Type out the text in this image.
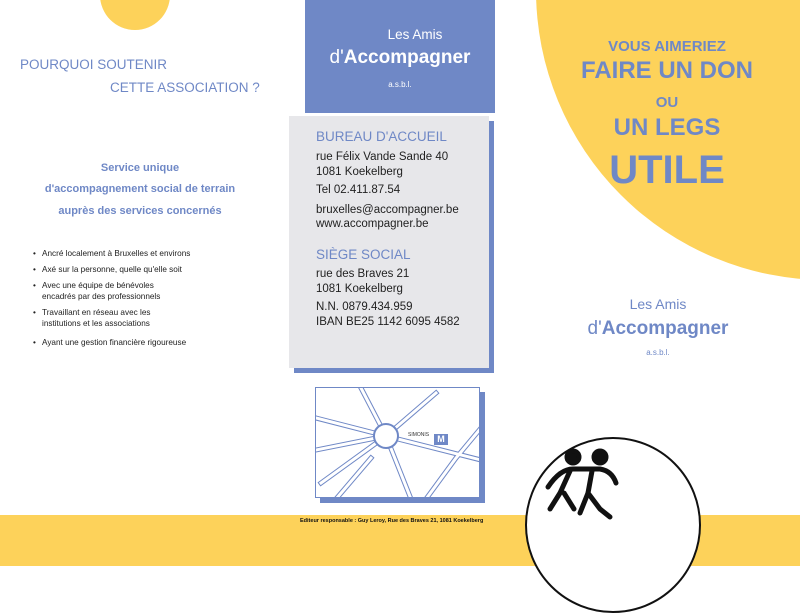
POURQUOI SOUTENIR
CETTE ASSOCIATION ?
Service unique
d'accompagnement social de terrain
auprès des services concernés
• Ancré localement à Bruxelles et environs
• Axé sur la personne, quelle qu'elle soit
• Avec une équipe de bénévoles
encadrés par des professionnels
• Travaillant en réseau avec les
institutions et les associations
• Ayant une gestion financière rigoureuse
Les Amis
d'Accompagner
a.s.b.l.
BUREAU D'ACCUEIL
rue Félix Vande Sande 40
1081 Koekelberg
Tel 02.411.87.54
bruxelles@accompagner.be
www.accompagner.be
SIÈGE SOCIAL
rue des Braves 21
1081 Koekelberg
N.N. 0879.434.959
IBAN BE25 1142 6095 4582
SIMONIS M
Editeur responsable : Guy Leroy, Rue des Braves 21, 1081 Koekelberg
VOUS AIMERIEZ
FAIRE UN DON
OU
UN LEGS
UTILE
Les Amis
d'Accompagner
a.s.b.l.
